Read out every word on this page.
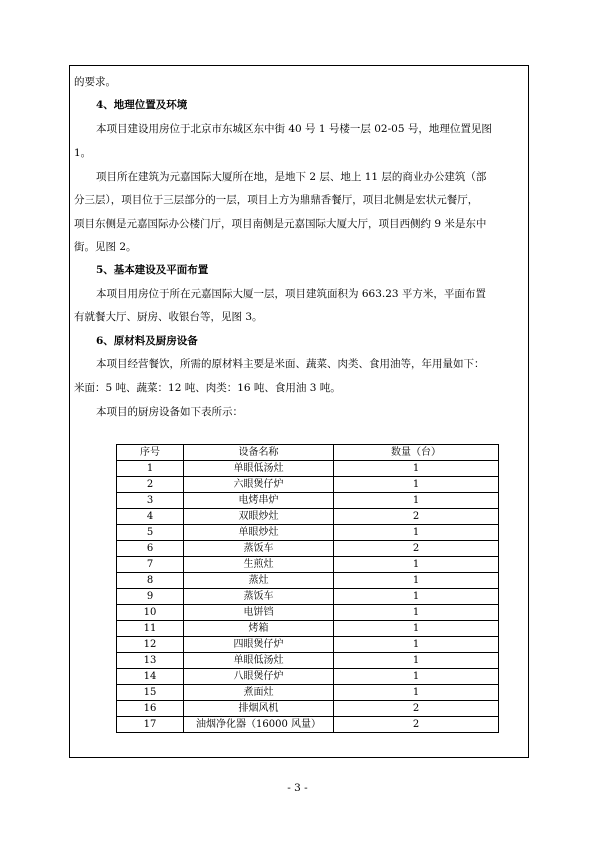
的要求。
4、地理位置及环境
本项目建设用房位于北京市东城区东中街 40 号 1 号楼一层 02-05 号，地理位置见图
1。
项目所在建筑为元嘉国际大厦所在地，是地下 2 层、地上 11 层的商业办公建筑（部
分三层），项目位于三层部分的一层，项目上方为鼎鼎香餐厅，项目北侧是宏状元餐厅，
项目东侧是元嘉国际办公楼门厅，项目南侧是元嘉国际大厦大厅，项目西侧约 9 米是东中
街。见图 2。
5、基本建设及平面布置
本项目用房位于所在元嘉国际大厦一层，项目建筑面积为 663.23 平方米，平面布置
有就餐大厅、厨房、收银台等，见图 3。
6、原材料及厨房设备
本项目经营餐饮，所需的原材料主要是米面、蔬菜、肉类、食用油等，年用量如下：
米面：5 吨、蔬菜：12 吨、肉类：16 吨、食用油 3 吨。
本项目的厨房设备如下表所示：
序号	设备名称	数量（台）
1	单眼低汤灶	1
2	六眼煲仔炉	1
3	电烤串炉	1
4	双眼炒灶	2
5	单眼炒灶	1
6	蒸饭车	2
7	生煎灶	1
8	蒸灶	1
9	蒸饭车	1
10	电饼铛	1
11	烤箱	1
12	四眼煲仔炉	1
13	单眼低汤灶	1
14	八眼煲仔炉	1
15	煮面灶	1
16	排烟风机	2
17	油烟净化器（16000 风量）	2
- 3 -
